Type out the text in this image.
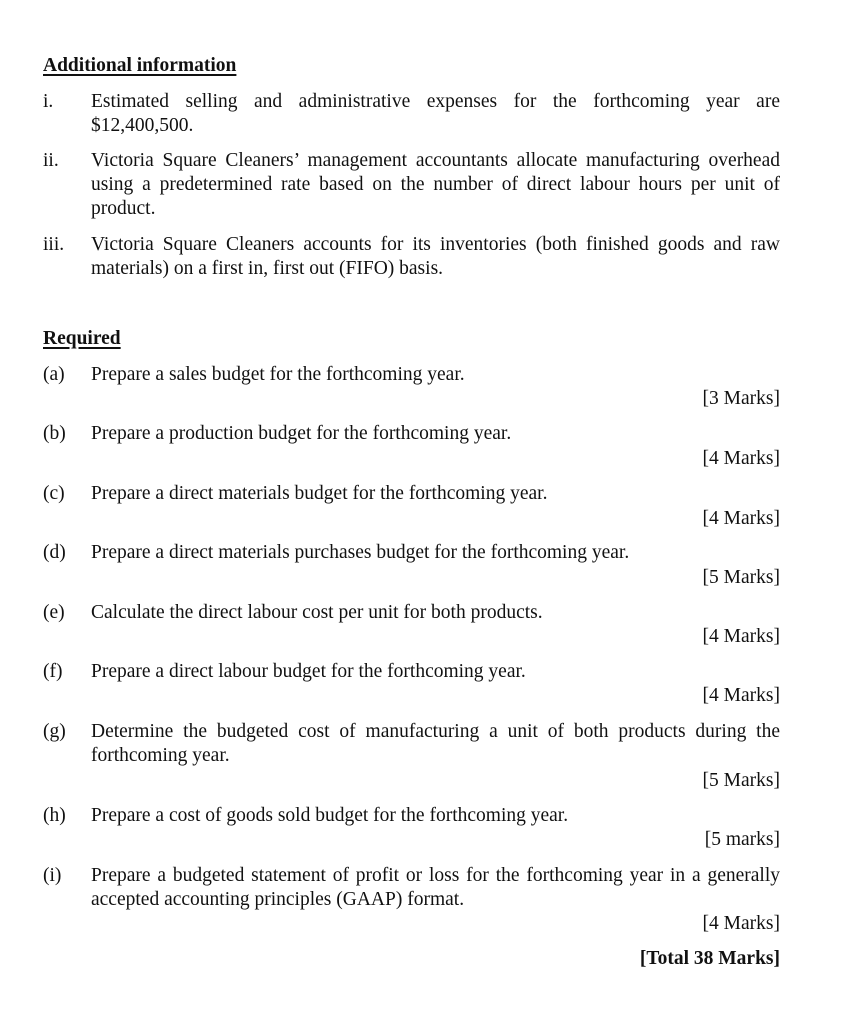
Additional information
i. Estimated selling and administrative expenses for the forthcoming year are $12,400,500.
ii. Victoria Square Cleaners’ management accountants allocate manufacturing overhead using a predetermined rate based on the number of direct labour hours per unit of product.
iii. Victoria Square Cleaners accounts for its inventories (both finished goods and raw materials) on a first in, first out (FIFO) basis.
Required
(a) Prepare a sales budget for the forthcoming year.
[3 Marks]
(b) Prepare a production budget for the forthcoming year.
[4 Marks]
(c) Prepare a direct materials budget for the forthcoming year.
[4 Marks]
(d) Prepare a direct materials purchases budget for the forthcoming year.
[5 Marks]
(e) Calculate the direct labour cost per unit for both products.
[4 Marks]
(f) Prepare a direct labour budget for the forthcoming year.
[4 Marks]
(g) Determine the budgeted cost of manufacturing a unit of both products during the forthcoming year.
[5 Marks]
(h) Prepare a cost of goods sold budget for the forthcoming year.
[5 marks]
(i) Prepare a budgeted statement of profit or loss for the forthcoming year in a generally accepted accounting principles (GAAP) format.
[4 Marks]
[Total 38 Marks]
